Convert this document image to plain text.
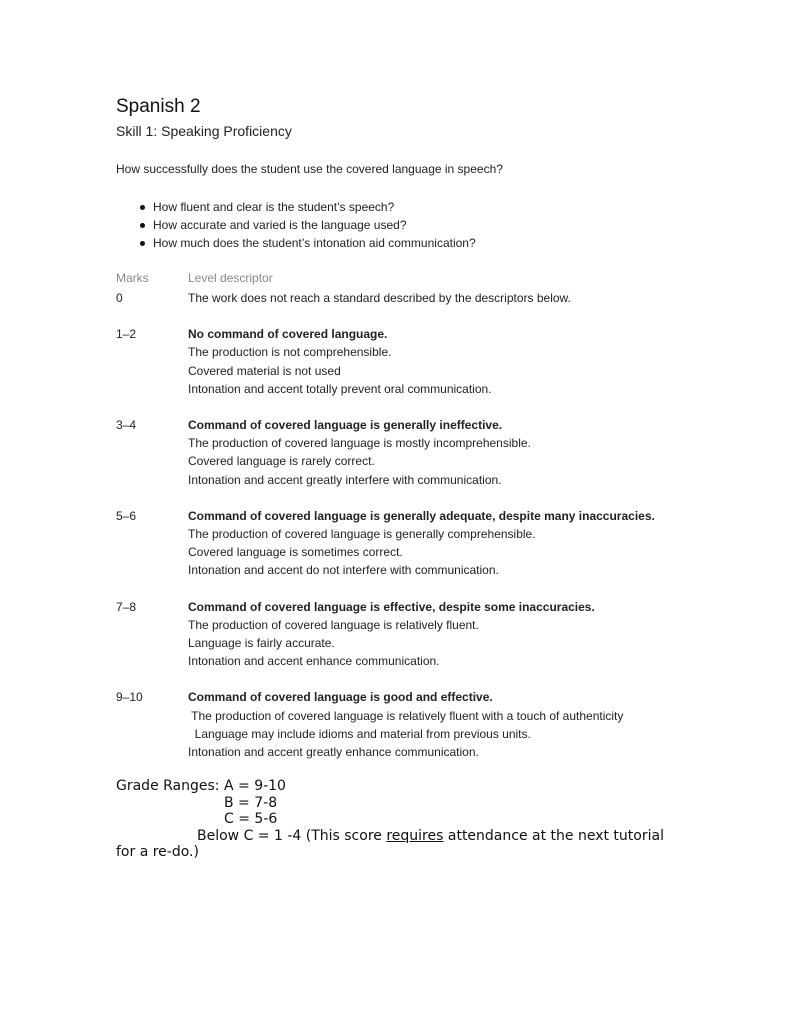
Spanish 2
Skill 1: Speaking Proficiency
How successfully does the student use the covered language in speech?
How fluent and clear is the student’s speech?
How accurate and varied is the language used?
How much does the student’s intonation aid communication?
Marks	Level descriptor
0	The work does not reach a standard described by the descriptors below.
1–2	No command of covered language.
The production is not comprehensible.
Covered material is not used
Intonation and accent totally prevent oral communication.
3–4	Command of covered language is generally ineffective.
The production of covered language is mostly incomprehensible.
Covered language is rarely correct.
Intonation and accent greatly interfere with communication.
5–6	Command of covered language is generally adequate, despite many inaccuracies.
The production of covered language is generally comprehensible.
Covered language is sometimes correct.
Intonation and accent do not interfere with communication.
7–8	Command of covered language is effective, despite some inaccuracies.
The production of covered language is relatively fluent.
Language is fairly accurate.
Intonation and accent enhance communication.
9–10	Command of covered language is good and effective.
The production of covered language is relatively fluent with a touch of authenticity
Language may include idioms and material from previous units.
Intonation and accent greatly enhance communication.
Grade Ranges: A = 9-10
B = 7-8
C = 5-6
Below C = 1 -4 (This score requires attendance at the next tutorial
for a re-do.)
